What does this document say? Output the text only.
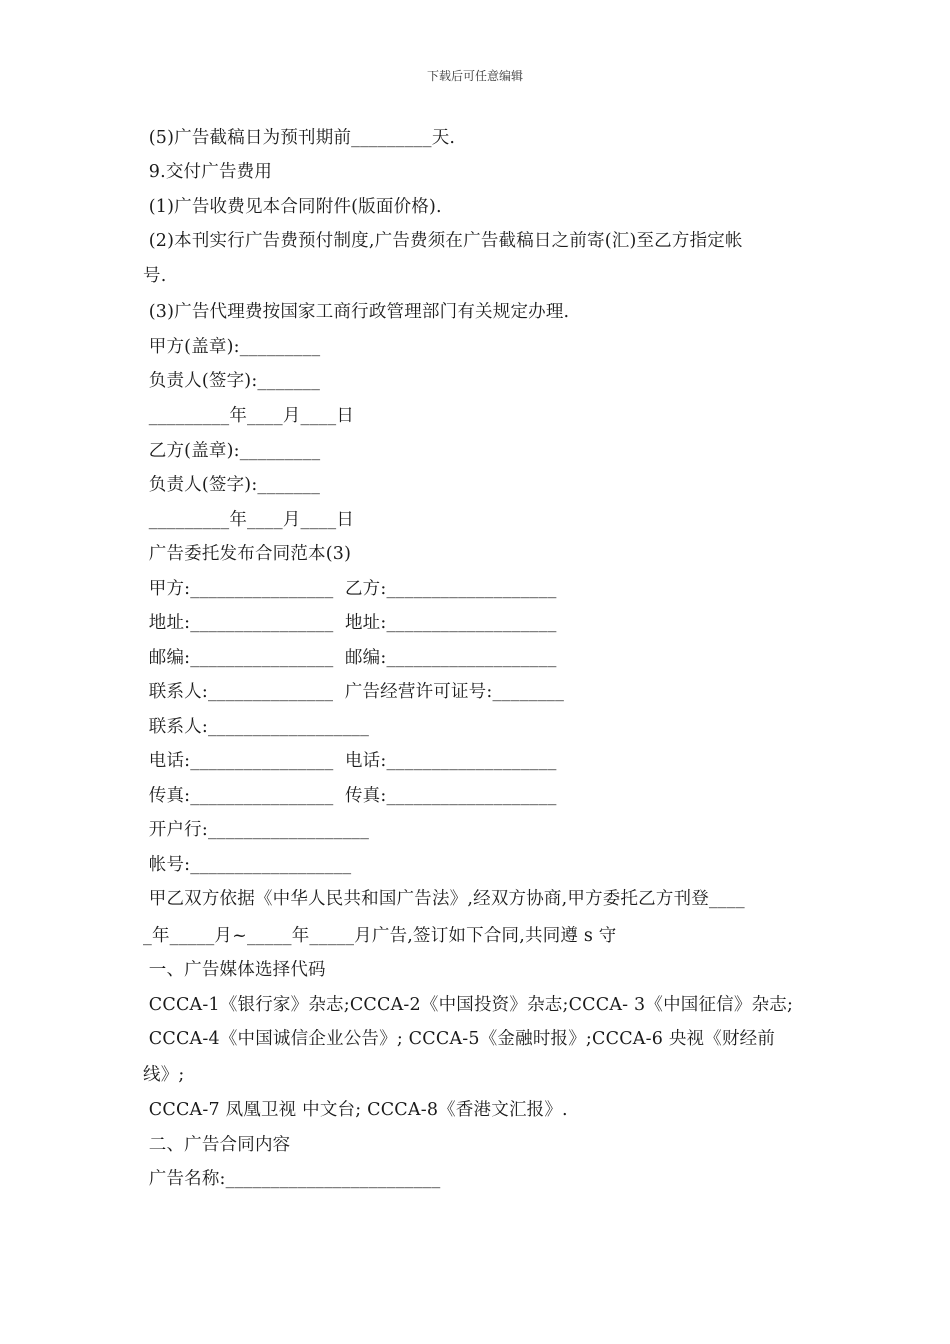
下载后可任意编辑
(5)广告截稿日为预刊期前_________天.
9.交付广告费用
(1)广告收费见本合同附件(版面价格).
(2)本刊实行广告费预付制度,广告费须在广告截稿日之前寄(汇)至乙方指定帐
号.
(3)广告代理费按国家工商行政管理部门有关规定办理.
甲方(盖章):_________
负责人(签字):_______
_________年____月____日
乙方(盖章):_________
负责人(签字):_______
_________年____月____日
广告委托发布合同范本(3)
甲方:________________  乙方:___________________
地址:________________  地址:___________________
邮编:________________  邮编:___________________
联系人:______________  广告经营许可证号:________
联系人:__________________
电话:________________  电话:___________________
传真:________________  传真:___________________
开户行:__________________
帐号:__________________
甲乙双方依据《中华人民共和国广告法》,经双方协商,甲方委托乙方刊登____
_年_____月~_____年_____月广告,签订如下合同,共同遵 s 守
一、广告媒体选择代码
CCCA-1《银行家》杂志;CCCA-2《中国投资》杂志;CCCA- 3《中国征信》杂志;
CCCA-4《中国诚信企业公告》; CCCA-5《金融时报》;CCCA-6 央视《财经前
线》;
CCCA-7 凤凰卫视 中文台; CCCA-8《香港文汇报》.
二、广告合同内容
广告名称:________________________
